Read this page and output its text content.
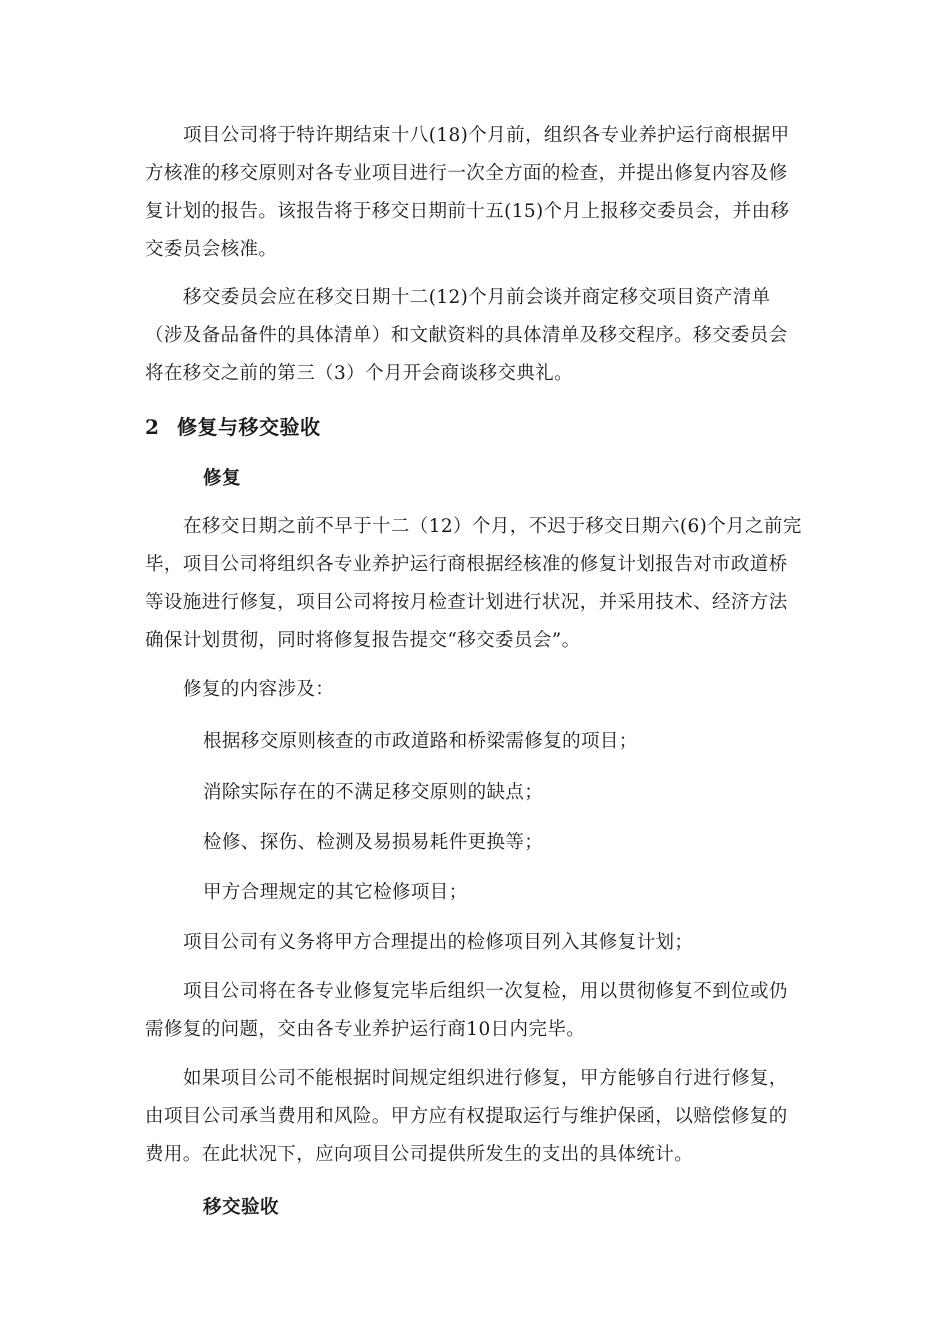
项目公司将于特许期结束十八(18)个月前，组织各专业养护运行商根据甲
方核准的移交原则对各专业项目进行一次全方面的检查，并提出修复内容及修
复计划的报告。该报告将于移交日期前十五(15)个月上报移交委员会，并由移
交委员会核准。
移交委员会应在移交日期十二(12)个月前会谈并商定移交项目资产清单
（涉及备品备件的具体清单）和文献资料的具体清单及移交程序。移交委员会
将在移交之前的第三（3）个月开会商谈移交典礼。
2 修复与移交验收
修复
在移交日期之前不早于十二（12）个月，不迟于移交日期六(6)个月之前完
毕，项目公司将组织各专业养护运行商根据经核准的修复计划报告对市政道桥
等设施进行修复，项目公司将按月检查计划进行状况，并采用技术、经济方法
确保计划贯彻，同时将修复报告提交“移交委员会”。
修复的内容涉及：
根据移交原则核查的市政道路和桥梁需修复的项目；
消除实际存在的不满足移交原则的缺点；
检修、探伤、检测及易损易耗件更换等；
甲方合理规定的其它检修项目；
项目公司有义务将甲方合理提出的检修项目列入其修复计划；
项目公司将在各专业修复完毕后组织一次复检，用以贯彻修复不到位或仍
需修复的问题，交由各专业养护运行商10日内完毕。
如果项目公司不能根据时间规定组织进行修复，甲方能够自行进行修复，
由项目公司承当费用和风险。甲方应有权提取运行与维护保函，以赔偿修复的
费用。在此状况下，应向项目公司提供所发生的支出的具体统计。
移交验收
